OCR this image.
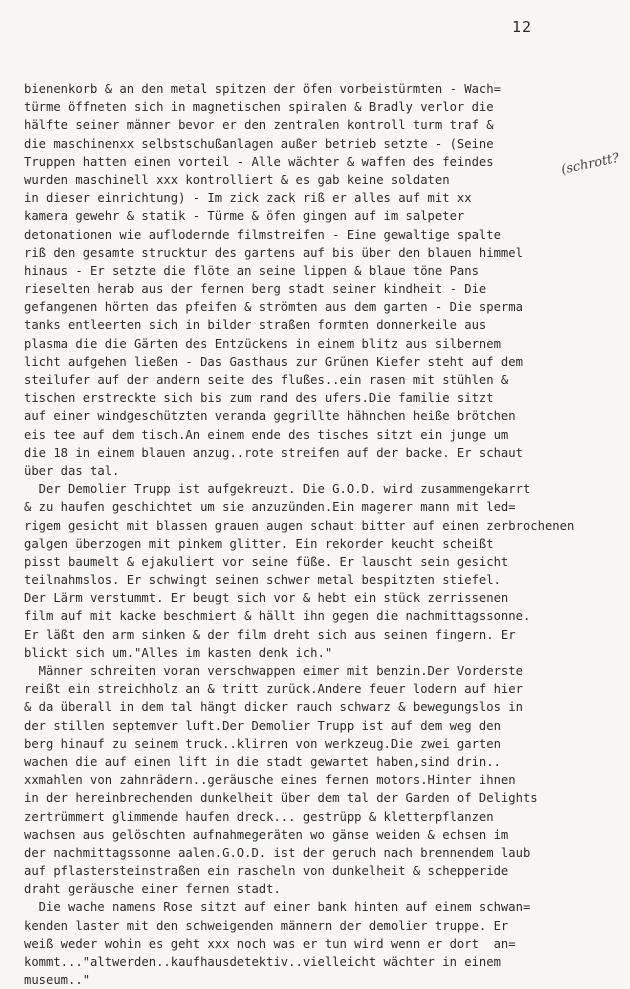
12
(schrott?
bienenkorb & an den metal spitzen der öfen vorbeistürmten - Wach=
türme öffneten sich in magnetischen spiralen & Bradly verlor die
hälfte seiner männer bevor er den zentralen kontroll turm traf &
die maschinenxx selbstschußanlagen außer betrieb setzte - (Seine
Truppen hatten einen vorteil - Alle wächter & waffen des feindes
wurden maschinell xxx kontrolliert & es gab keine soldaten
in dieser einrichtung) - Im zick zack riß er alles auf mit xx
kamera gewehr & statik - Türme & öfen gingen auf im salpeter
detonationen wie auflodernde filmstreifen - Eine gewaltige spalte
riß den gesamte strucktur des gartens auf bis über den blauen himmel
hinaus - Er setzte die flöte an seine lippen & blaue töne Pans
rieselten herab aus der fernen berg stadt seiner kindheit - Die
gefangenen hörten das pfeifen & strömten aus dem garten - Die sperma
tanks entleerten sich in bilder straßen formten donnerkeile aus
plasma die die Gärten des Entzückens in einem blitz aus silbernem
licht aufgehen ließen - Das Gasthaus zur Grünen Kiefer steht auf dem
steilufer auf der andern seite des flußes..ein rasen mit stühlen &
tischen erstreckte sich bis zum rand des ufers.Die familie sitzt
auf einer windgeschützten veranda gegrillte hähnchen heiße brötchen
eis tee auf dem tisch.An einem ende des tisches sitzt ein junge um
die 18 in einem blauen anzug..rote streifen auf der backe. Er schaut
über das tal.
Der Demolier Trupp ist aufgekreuzt. Die G.O.D. wird zusammengekarrt
& zu haufen geschichtet um sie anzuzünden.Ein magerer mann mit led=
rigem gesicht mit blassen grauen augen schaut bitter auf einen zerbrochenen
galgen überzogen mit pinkem glitter. Ein rekorder keucht scheißt
pisst baumelt & ejakuliert vor seine füße. Er lauscht sein gesicht
teilnahmslos. Er schwingt seinen schwer metal bespitzten stiefel.
Der Lärm verstummt. Er beugt sich vor & hebt ein stück zerrissenen
film auf mit kacke beschmiert & hällt ihn gegen die nachmittagssonne.
Er läßt den arm sinken & der film dreht sich aus seinen fingern. Er
blickt sich um."Alles im kasten denk ich."
Männer schreiten voran verschwappen eimer mit benzin.Der Vorderste
reißt ein streichholz an & tritt zurück.Andere feuer lodern auf hier
& da überall in dem tal hängt dicker rauch schwarz & bewegungslos in
der stillen septemver luft.Der Demolier Trupp ist auf dem weg den
berg hinauf zu seinem truck..klirren von werkzeug.Die zwei garten
wachen die auf einen lift in die stadt gewartet haben,sind drin..
xxmahlen von zahnrädern..geräusche eines fernen motors.Hinter ihnen
in der hereinbrechenden dunkelheit über dem tal der Garden of Delights
zertrümmert glimmende haufen dreck... gestrüpp & kletterpflanzen
wachsen aus gelöschten aufnahmegeräten wo gänse weiden & echsen im
der nachmittagssonne aalen.G.O.D. ist der geruch nach brennendem laub
auf pflastersteinstraßen ein rascheln von dunkelheit & schepperide
draht geräusche einer fernen stadt.
Die wache namens Rose sitzt auf einer bank hinten auf einem schwan=
kenden laster mit den schweigenden männern der demolier truppe. Er
weiß weder wohin es geht xxx noch was er tun wird wenn er dort  an=
kommt..."altwerden..kaufhausdetektiv..vielleicht wächter in einem
museum.."
